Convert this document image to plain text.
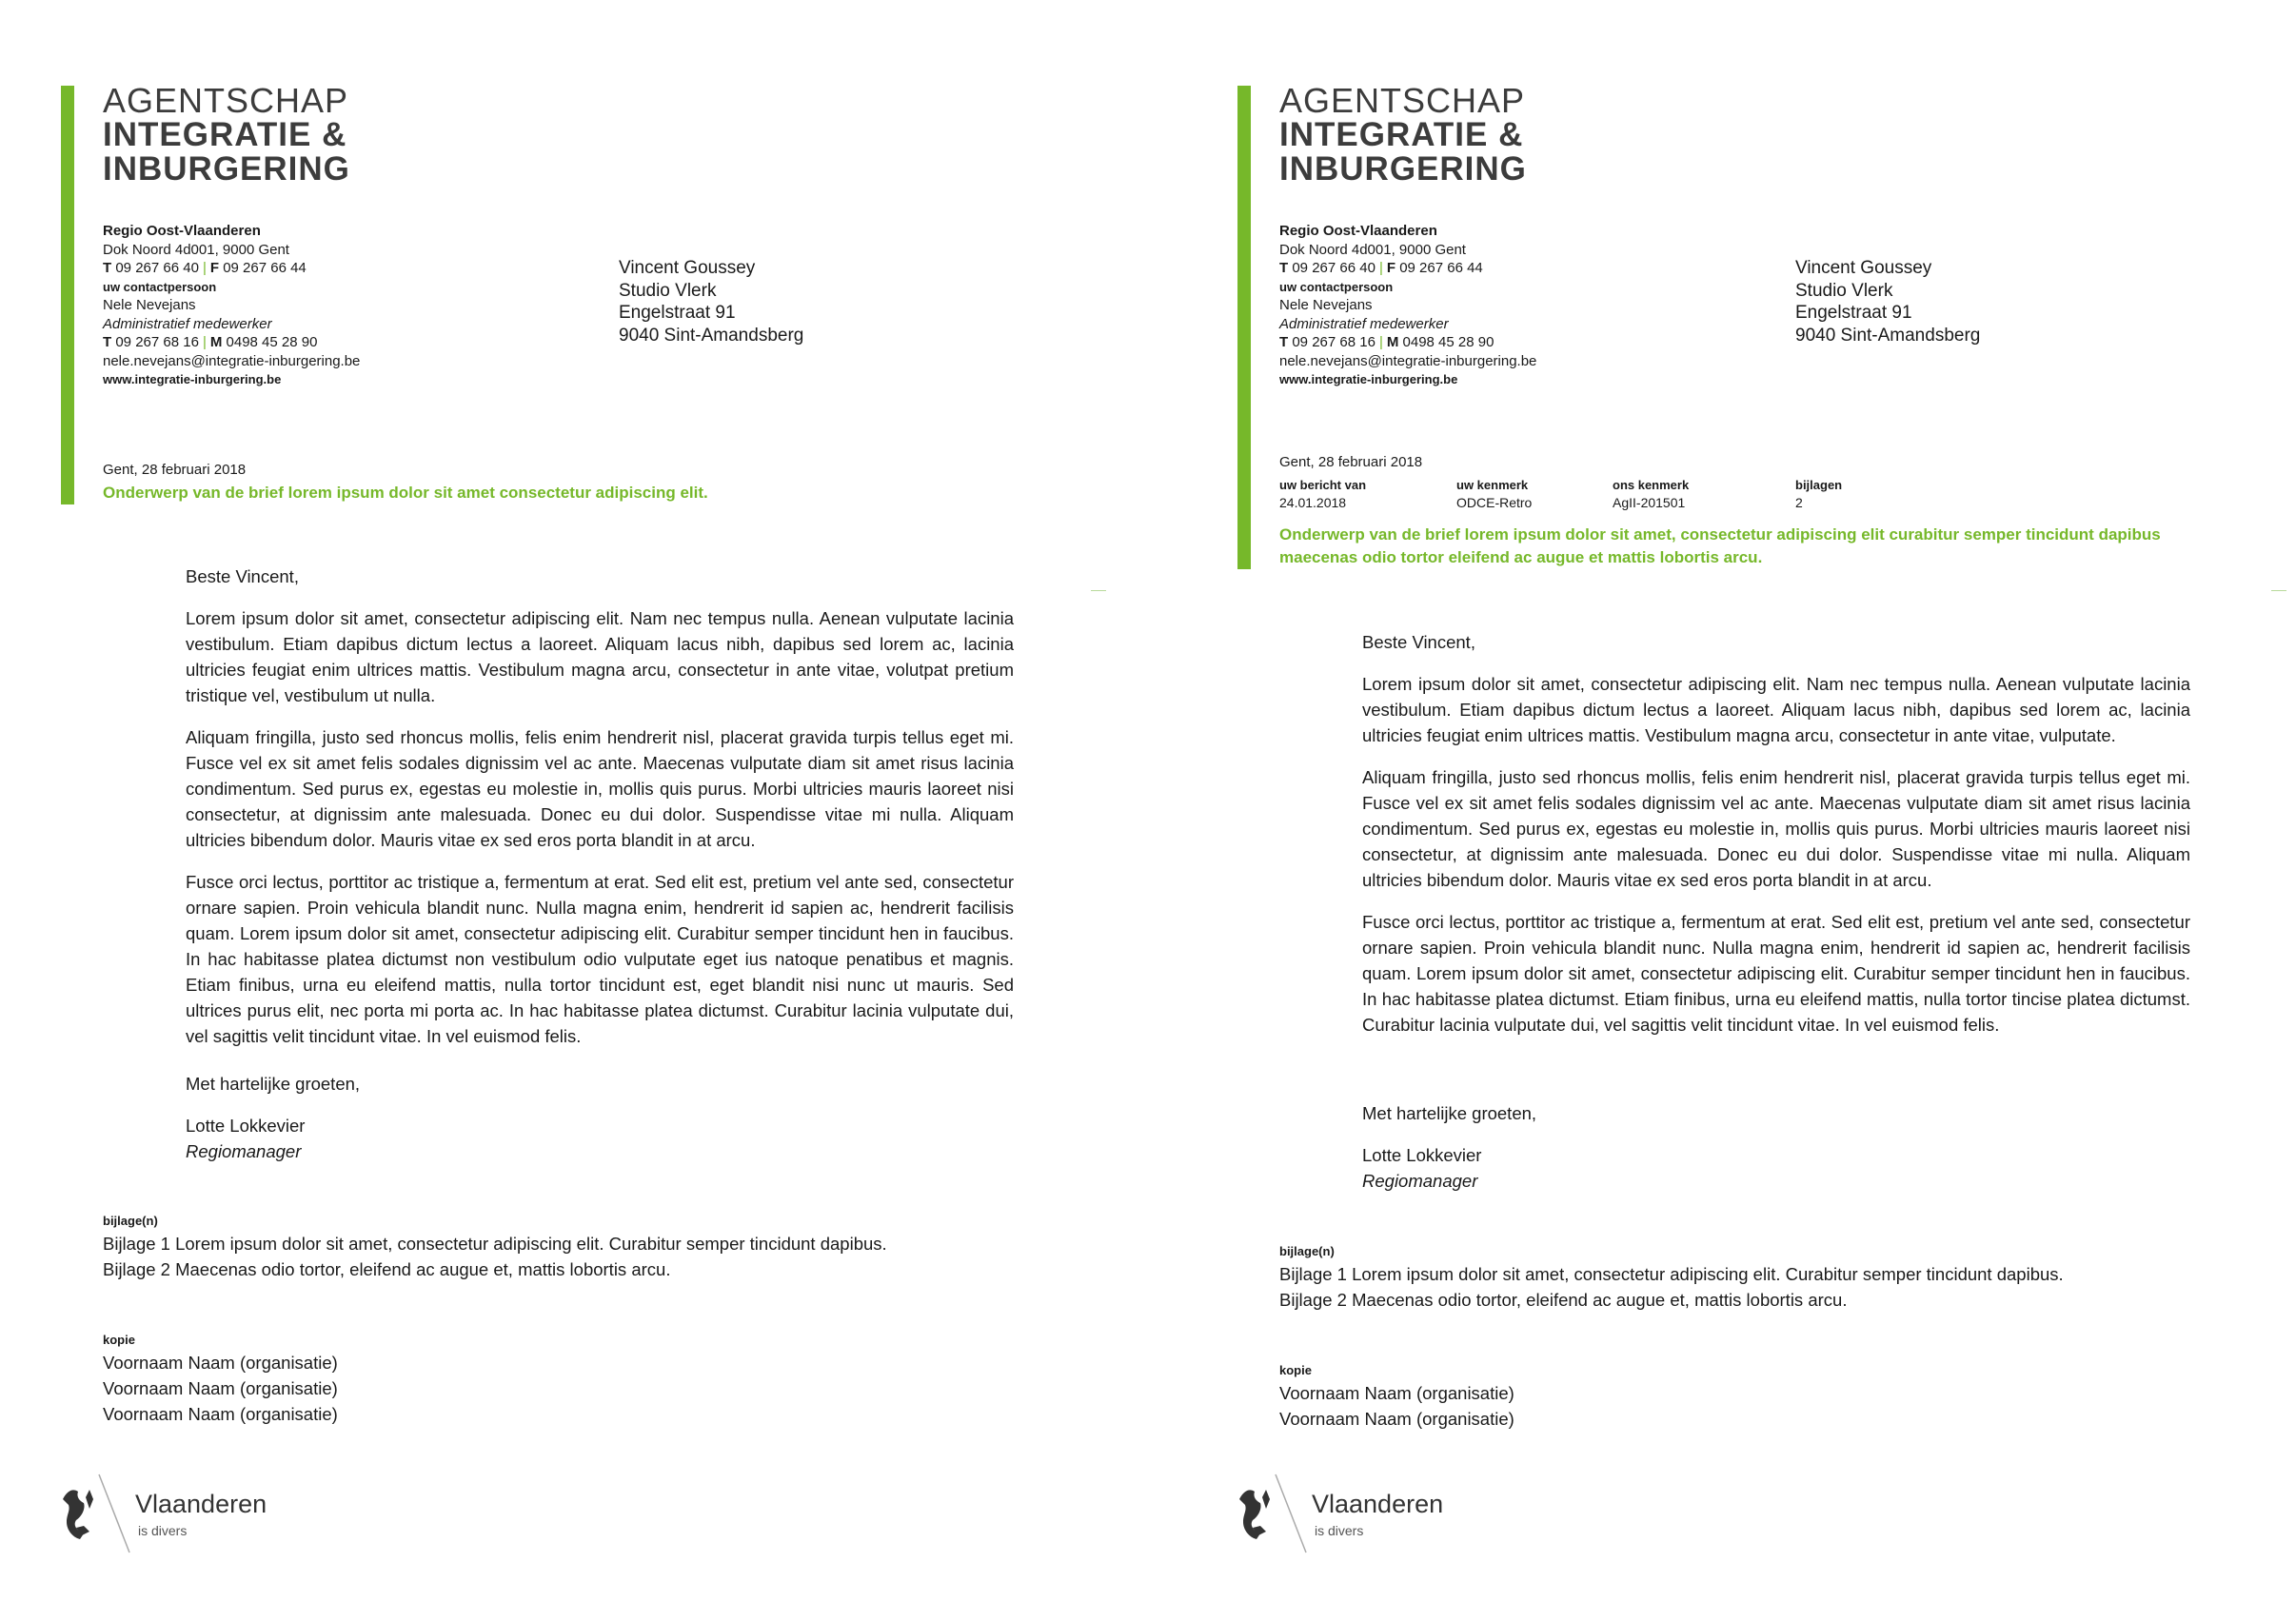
AGENTSCHAP
INTEGRATIE &
INBURGERING
Regio Oost-Vlaanderen
Dok Noord 4d001, 9000 Gent
T 09 267 66 40 | F 09 267 66 44
uw contactpersoon
Nele Nevejans
Administratief medewerker
T 09 267 68 16 | M 0498 45 28 90
nele.nevejans@integratie-inburgering.be
www.integratie-inburgering.be
Vincent Goussey
Studio Vlerk
Engelstraat 91
9040 Sint-Amandsberg
Gent, 28 februari 2018
Onderwerp van de brief lorem ipsum dolor sit amet consectetur adipiscing elit.

Beste Vincent,

Lorem ipsum dolor sit amet, consectetur adipiscing elit. Nam nec tempus nulla. Aenean vulputate lacinia vestibulum. Etiam dapibus dictum lectus a laoreet. Aliquam lacus nibh, dapibus sed lorem ac, lacinia ultricies feugiat enim ultrices mattis. Vestibulum magna arcu, consectetur in ante vitae, volutpat pretium tristique vel, vestibulum ut nulla.

Aliquam fringilla, justo sed rhoncus mollis, felis enim hendrerit nisl, placerat gravida turpis tellus eget mi. Fusce vel ex sit amet felis sodales dignissim vel ac ante. Maecenas vulputate diam sit amet risus lacinia condimentum. Sed purus ex, egestas eu molestie in, mollis quis purus. Morbi ultricies mauris laoreet nisi consectetur, at dignissim ante malesuada. Donec eu dui dolor. Suspendisse vitae mi nulla. Aliquam ultricies bibendum dolor. Mauris vitae ex sed eros porta blandit in at arcu.

Fusce orci lectus, porttitor ac tristique a, fermentum at erat. Sed elit est, pretium vel ante sed, consectetur ornare sapien. Proin vehicula blandit nunc. Nulla magna enim, hendrerit id sapien ac, hendrerit facilisis quam. Lorem ipsum dolor sit amet, consectetur adipiscing elit. Curabitur semper tincidunt hen in faucibus. In hac habitasse platea dictumst non vestibulum odio vulputate eget ius natoque penatibus et magnis. Etiam finibus, urna eu eleifend mattis, nulla tortor tincidunt est, eget blandit nisi nunc ut mauris. Sed ultrices purus elit, nec porta mi porta ac. In hac habitasse platea dictumst. Curabitur lacinia vulputate dui, vel sagittis velit tincidunt vitae. In vel euismod felis.

Met hartelijke groeten,
Lotte Lokkevier
Regiomanager
bijlage(n)
Bijlage 1 Lorem ipsum dolor sit amet, consectetur adipiscing elit. Curabitur semper tincidunt dapibus.
Bijlage 2 Maecenas odio tortor, eleifend ac augue et, mattis lobortis arcu.
kopie
Voornaam Naam (organisatie)
Voornaam Naam (organisatie)
Voornaam Naam (organisatie)
Vlaanderen
is divers
AGENTSCHAP
INTEGRATIE &
INBURGERING
Regio Oost-Vlaanderen
Dok Noord 4d001, 9000 Gent
T 09 267 66 40 | F 09 267 66 44
uw contactpersoon
Nele Nevejans
Administratief medewerker
T 09 267 68 16 | M 0498 45 28 90
nele.nevejans@integratie-inburgering.be
www.integratie-inburgering.be
Vincent Goussey
Studio Vlerk
Engelstraat 91
9040 Sint-Amandsberg
Gent, 28 februari 2018
uw bericht van
24.01.2018
uw kenmerk
ODCE-Retro
ons kenmerk
AgII-201501
bijlagen
2
Onderwerp van de brief lorem ipsum dolor sit amet, consectetur adipiscing elit curabitur semper tincidunt dapibus maecenas odio tortor eleifend ac augue et mattis lobortis arcu.

Beste Vincent,

Lorem ipsum dolor sit amet, consectetur adipiscing elit. Nam nec tempus nulla. Aenean vulputate lacinia vestibulum. Etiam dapibus dictum lectus a laoreet. Aliquam lacus nibh, dapibus sed lorem ac, lacinia ultricies feugiat enim ultrices mattis. Vestibulum magna arcu, consectetur in ante vitae, vulputate.

Aliquam fringilla, justo sed rhoncus mollis, felis enim hendrerit nisl, placerat gravida turpis tellus eget mi. Fusce vel ex sit amet felis sodales dignissim vel ac ante. Maecenas vulputate diam sit amet risus lacinia condimentum. Sed purus ex, egestas eu molestie in, mollis quis purus. Morbi ultricies mauris laoreet nisi consectetur, at dignissim ante malesuada. Donec eu dui dolor. Suspendisse vitae mi nulla. Aliquam ultricies bibendum dolor. Mauris vitae ex sed eros porta blandit in at arcu.

Fusce orci lectus, porttitor ac tristique a, fermentum at erat. Sed elit est, pretium vel ante sed, consectetur ornare sapien. Proin vehicula blandit nunc. Nulla magna enim, hendrerit id sapien ac, hendrerit facilisis quam. Lorem ipsum dolor sit amet, consectetur adipiscing elit. Curabitur semper tincidunt hen in faucibus. In hac habitasse platea dictumst. Etiam finibus, urna eu eleifend mattis, nulla tortor tincise platea dictumst. Curabitur lacinia vulputate dui, vel sagittis velit tincidunt vitae. In vel euismod felis.

Met hartelijke groeten,
Lotte Lokkevier
Regiomanager
bijlage(n)
Bijlage 1 Lorem ipsum dolor sit amet, consectetur adipiscing elit. Curabitur semper tincidunt dapibus.
Bijlage 2 Maecenas odio tortor, eleifend ac augue et, mattis lobortis arcu.
kopie
Voornaam Naam (organisatie)
Voornaam Naam (organisatie)
Vlaanderen
is divers
